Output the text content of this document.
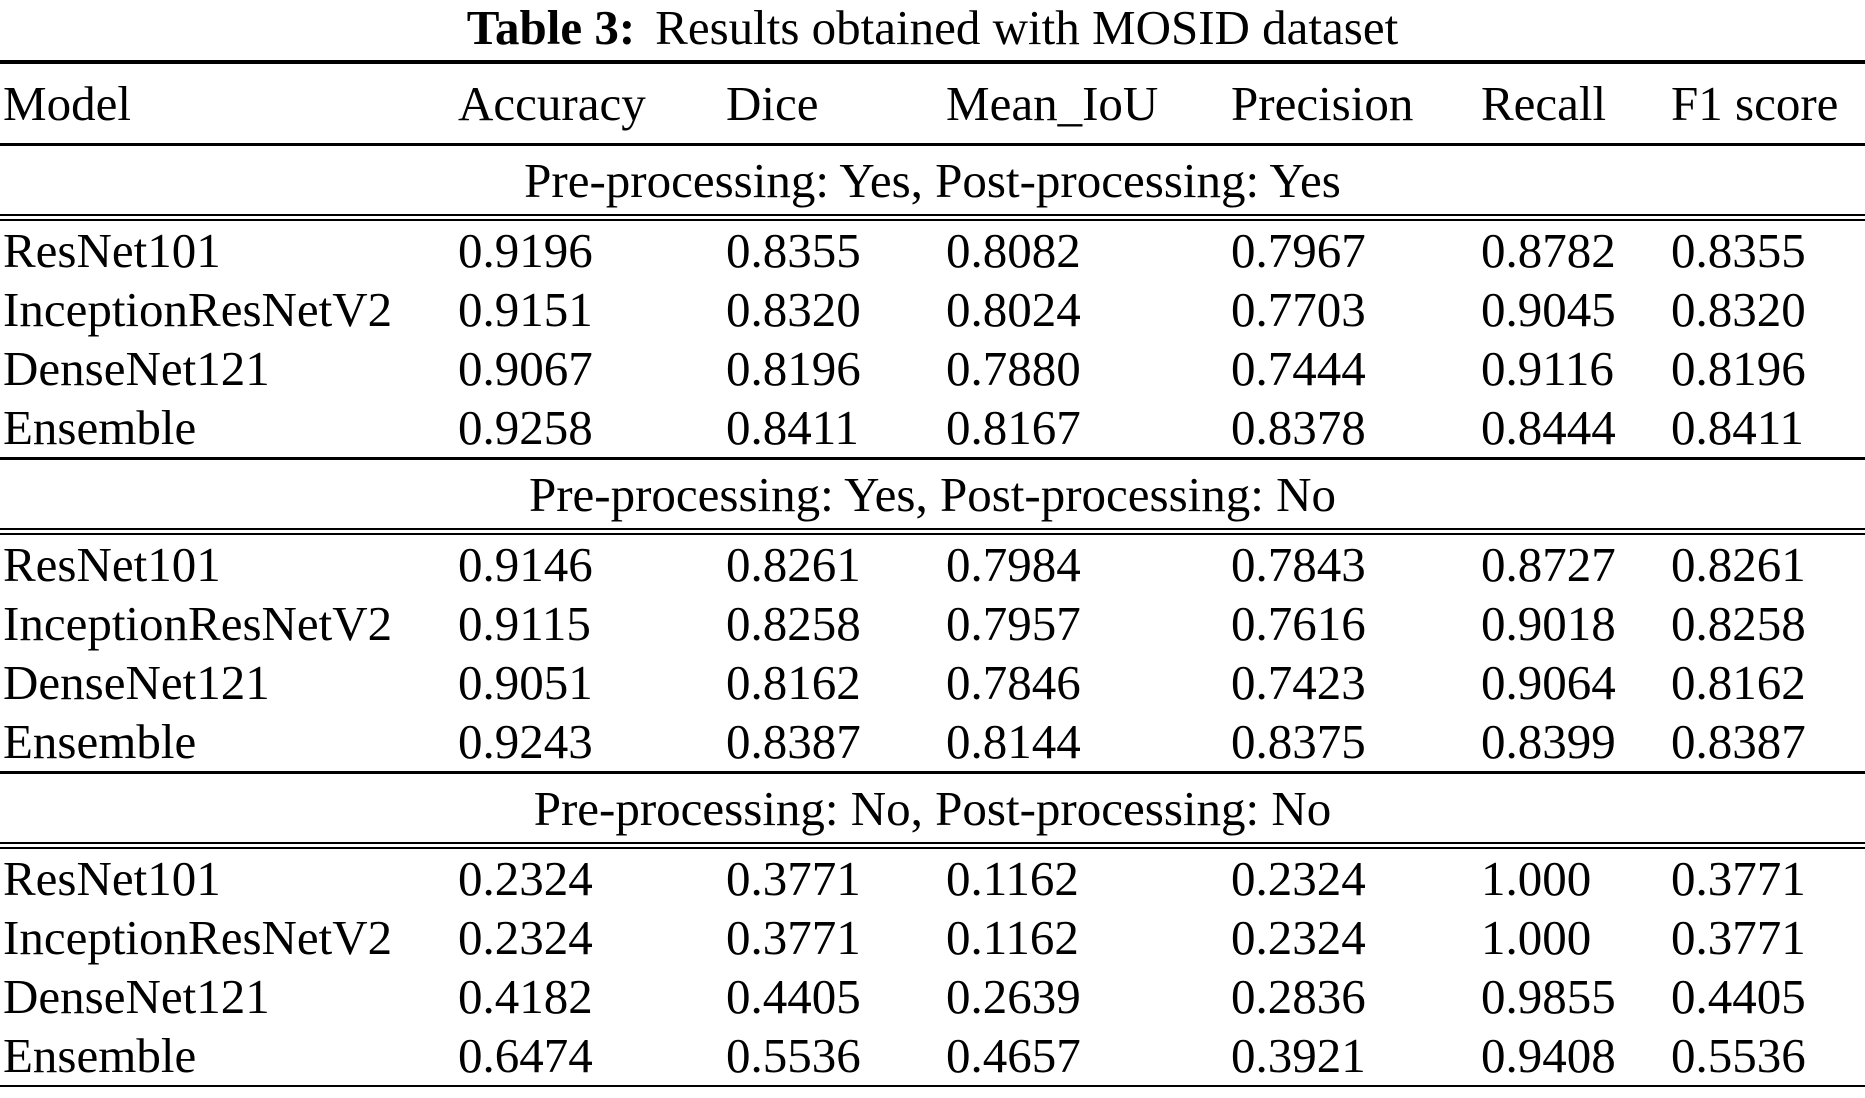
Table 3: Results obtained with MOSID dataset
Model	Accuracy	Dice	Mean_IoU	Precision	Recall	F1 score
Pre-processing: Yes, Post-processing: Yes
ResNet101	0.9196	0.8355	0.8082	0.7967	0.8782	0.8355
InceptionResNetV2	0.9151	0.8320	0.8024	0.7703	0.9045	0.8320
DenseNet121	0.9067	0.8196	0.7880	0.7444	0.9116	0.8196
Ensemble	0.9258	0.8411	0.8167	0.8378	0.8444	0.8411
Pre-processing: Yes, Post-processing: No
ResNet101	0.9146	0.8261	0.7984	0.7843	0.8727	0.8261
InceptionResNetV2	0.9115	0.8258	0.7957	0.7616	0.9018	0.8258
DenseNet121	0.9051	0.8162	0.7846	0.7423	0.9064	0.8162
Ensemble	0.9243	0.8387	0.8144	0.8375	0.8399	0.8387
Pre-processing: No, Post-processing: No
ResNet101	0.2324	0.3771	0.1162	0.2324	1.000	0.3771
InceptionResNetV2	0.2324	0.3771	0.1162	0.2324	1.000	0.3771
DenseNet121	0.4182	0.4405	0.2639	0.2836	0.9855	0.4405
Ensemble	0.6474	0.5536	0.4657	0.3921	0.9408	0.5536
